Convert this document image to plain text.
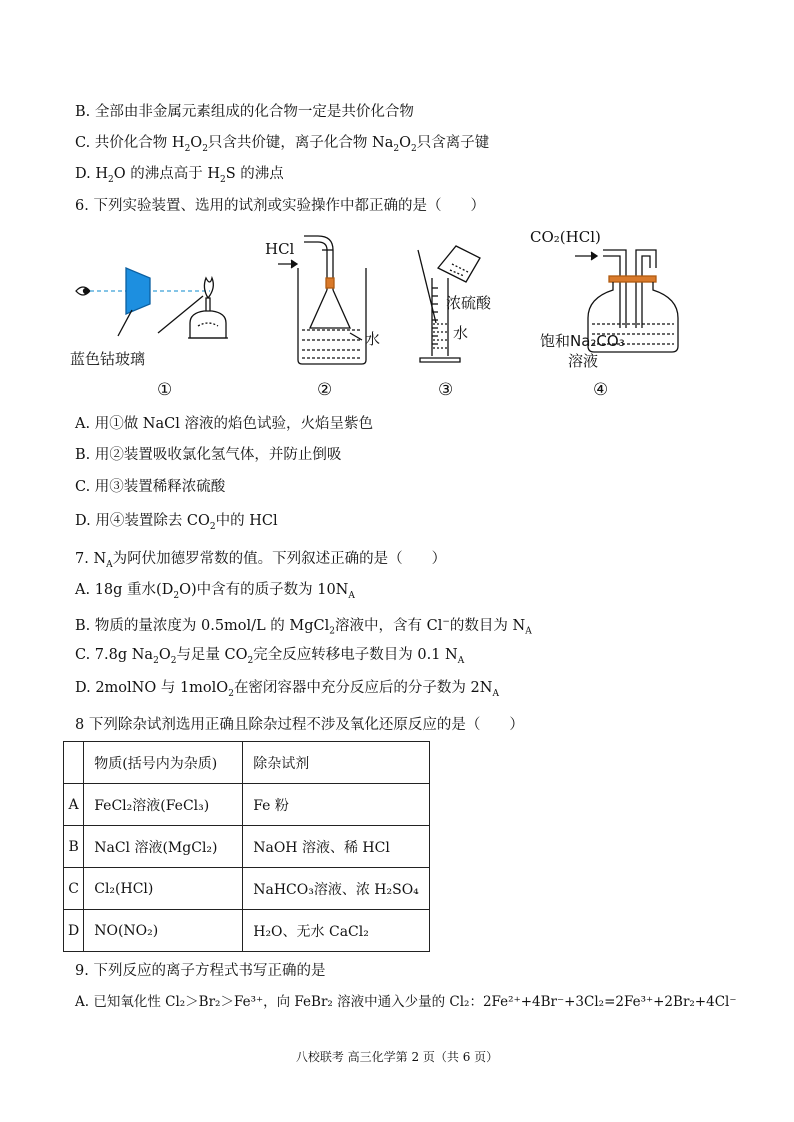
B. 全部由非金属元素组成的化合物一定是共价化合物
C. 共价化合物 $H_2O_2$只含共价键，离子化合物 $Na_2O_2$只含离子键
D. $H_2O$ 的沸点高于 $H_2S$ 的沸点
6. 下列实验装置、选用的试剂或实验操作中都正确的是（　　）
蓝色钴玻璃
HCl
水
浓硫酸
水
CO₂(HCl)
饱和Na₂CO₃
溶液
①	②	③	④
A. 用①做 NaCl 溶液的焰色试验，火焰呈紫色
B. 用②装置吸收氯化氢气体，并防止倒吸
C. 用③装置稀释浓硫酸
D. 用④装置除去 $CO_2$中的 HCl
7. $N_A$为阿伏加德罗常数的值。下列叙述正确的是（　　）
A. 18g 重水$(D_2O)$中含有的质子数为 $10N_A$
B. 物质的量浓度为 0.5mol/L 的 MgCl$_2$溶液中，含有 Cl−的数目为 $N_A$
C. 7.8g $Na_2O_2$与足量 $CO_2$完全反应转移电子数目为 0.1 $N_A$
D. 2molNO 与 1molO$_2$在密闭容器中充分反应后的分子数为 $2N_A$
8 下列除杂试剂选用正确且除杂过程不涉及氧化还原反应的是（　　）
	物质(括号内为杂质)	除杂试剂
A	FeCl₂溶液(FeCl₃)	Fe 粉
B	NaCl 溶液(MgCl₂)	NaOH 溶液、稀 HCl
C	Cl₂(HCl)	NaHCO₃溶液、浓 H₂SO₄
D	NO(NO₂)	H₂O、无水 CaCl₂
9. 下列反应的离子方程式书写正确的是
A. 已知氧化性 Cl₂＞Br₂＞Fe³⁺，向 FeBr₂ 溶液中通入少量的 Cl₂：2Fe²⁺+4Br⁻+3Cl₂=2Fe³⁺+2Br₂+4Cl⁻
八校联考 高三化学第 2 页（共 6 页）
